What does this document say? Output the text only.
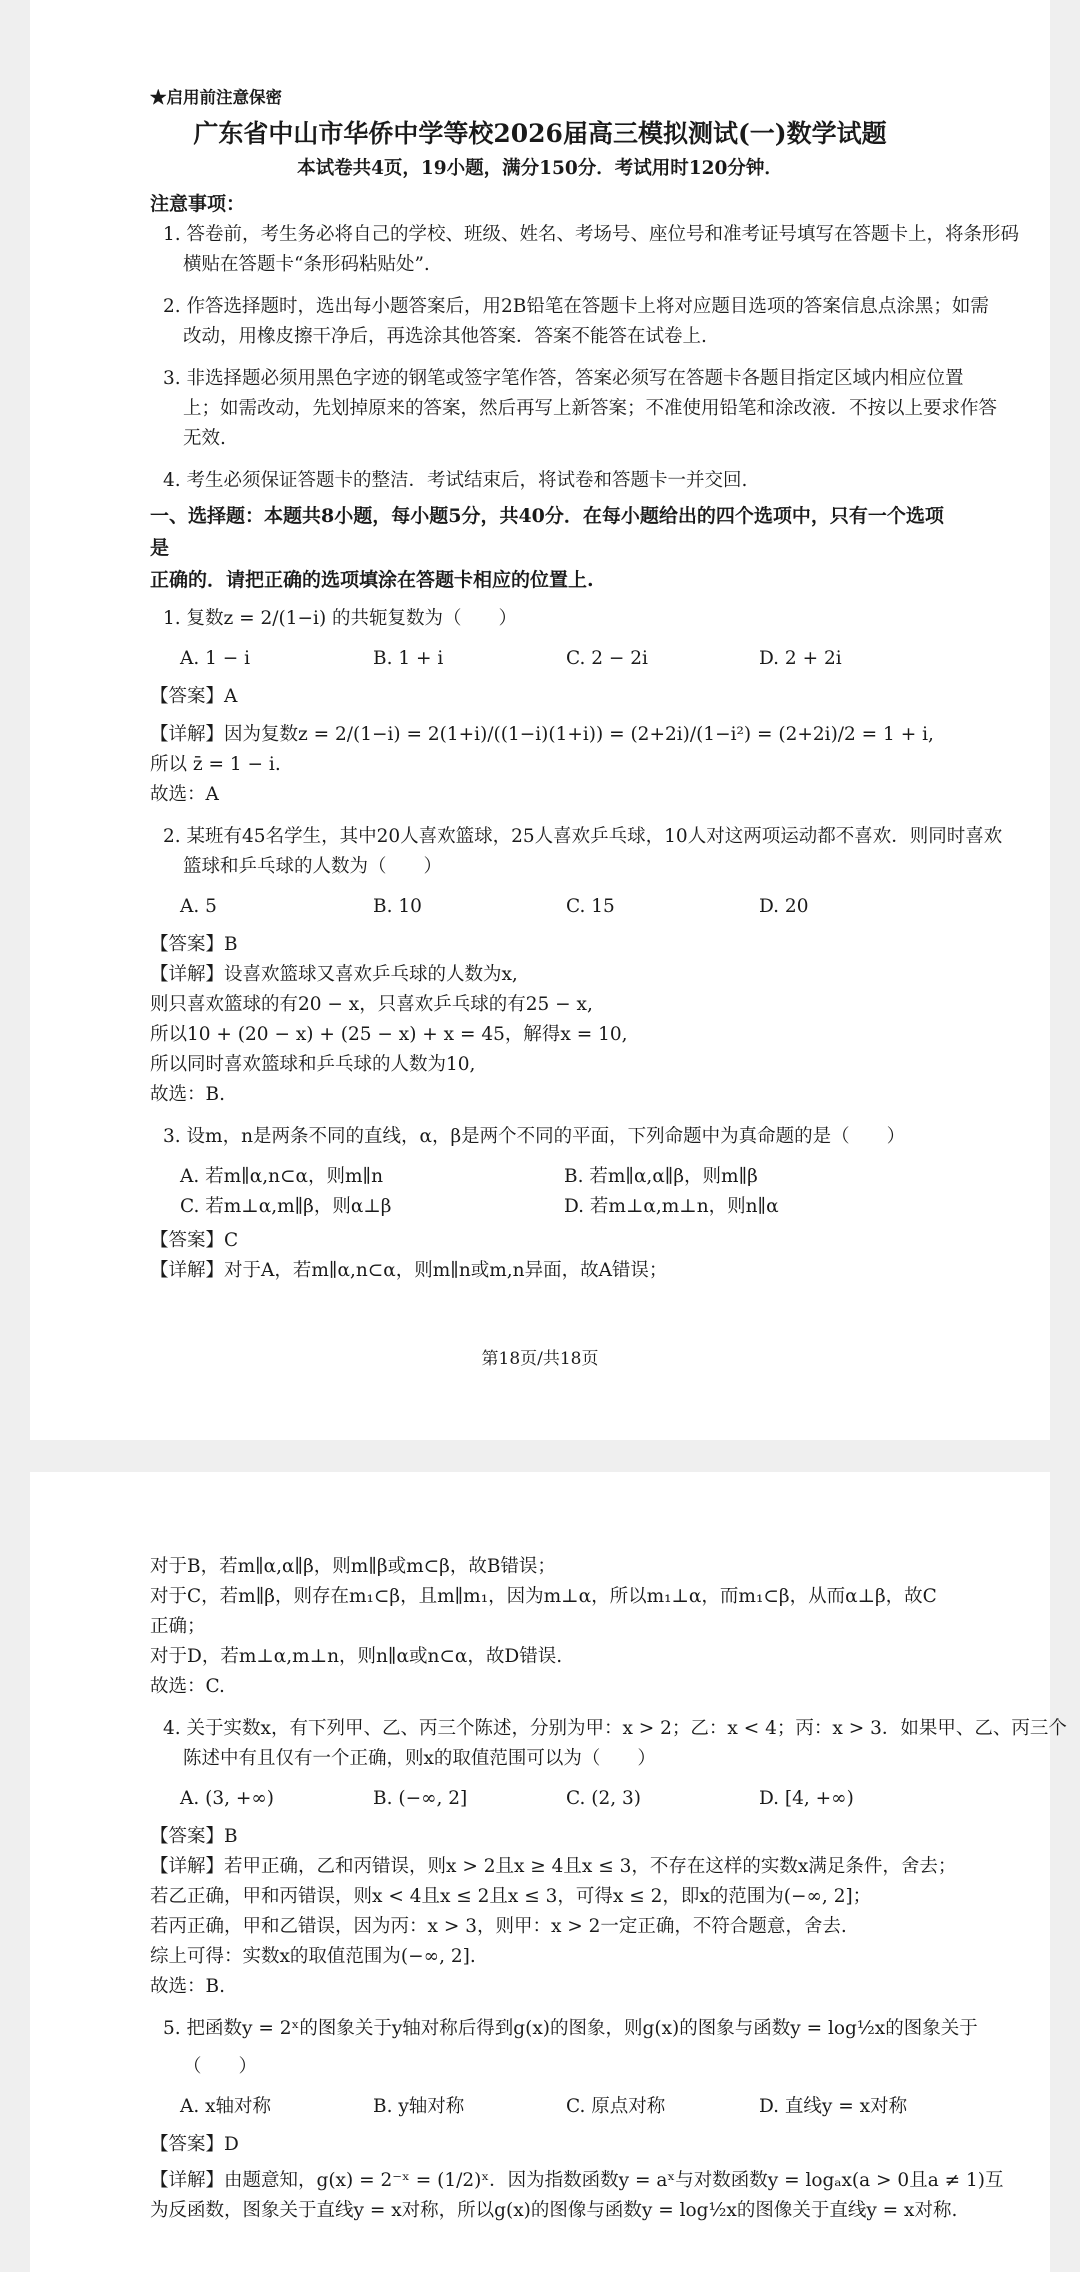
★启用前注意保密
广东省中山市华侨中学等校2026届高三模拟测试(一)数学试题
本试卷共4页，19小题，满分150分．考试用时120分钟．
注意事项：
1. 答卷前，考生务必将自己的学校、班级、姓名、考场号、座位号和准考证号填写在答题卡上，将条形码
横贴在答题卡“条形码粘贴处”.
2. 作答选择题时，选出每小题答案后，用2B铅笔在答题卡上将对应题目选项的答案信息点涂黑；如需
改动，用橡皮擦干净后，再选涂其他答案．答案不能答在试卷上.
3. 非选择题必须用黑色字迹的钢笔或签字笔作答，答案必须写在答题卡各题目指定区域内相应位置
上；如需改动，先划掉原来的答案，然后再写上新答案；不准使用铅笔和涂改液．不按以上要求作答
无效.
4. 考生必须保证答题卡的整洁．考试结束后，将试卷和答题卡一并交回.
一、选择题：本题共8小题，每小题5分，共40分．在每小题给出的四个选项中，只有一个选项是
正确的．请把正确的选项填涂在答题卡相应的位置上.
1. 复数z = 2/(1−i) 的共轭复数为（　　）
A. 1 − i	B. 1 + i	C. 2 − 2i	D. 2 + 2i
【答案】A
【详解】因为复数z = 2/(1−i) = 2(1+i)/((1−i)(1+i)) = (2+2i)/(1−i²) = (2+2i)/2 = 1 + i,
所以 z̄ = 1 − i.
故选：A
2. 某班有45名学生，其中20人喜欢篮球，25人喜欢乒乓球，10人对这两项运动都不喜欢．则同时喜欢
篮球和乒乓球的人数为（　　）
A. 5	B. 10	C. 15	D. 20
【答案】B
【详解】设喜欢篮球又喜欢乒乓球的人数为x,
则只喜欢篮球的有20 − x，只喜欢乒乓球的有25 − x,
所以10 + (20 − x) + (25 − x) + x = 45，解得x = 10,
所以同时喜欢篮球和乒乓球的人数为10,
故选：B.
3. 设m，n是两条不同的直线，α，β是两个不同的平面，下列命题中为真命题的是（　　）
A. 若m∥α,n⊂α，则m∥n	B. 若m∥α,α∥β，则m∥β
C. 若m⊥α,m∥β，则α⊥β	D. 若m⊥α,m⊥n，则n∥α
【答案】C
【详解】对于A，若m∥α,n⊂α，则m∥n或m,n异面，故A错误；
第18页/共18页
对于B，若m∥α,α∥β，则m∥β或m⊂β，故B错误；
对于C，若m∥β，则存在m₁⊂β，且m∥m₁，因为m⊥α，所以m₁⊥α，而m₁⊂β，从而α⊥β，故C
正确；
对于D，若m⊥α,m⊥n，则n∥α或n⊂α，故D错误.
故选：C.
4. 关于实数x，有下列甲、乙、丙三个陈述，分别为甲：x > 2；乙：x < 4；丙：x > 3．如果甲、乙、丙三个
陈述中有且仅有一个正确，则x的取值范围可以为（　　）
A. (3, +∞)	B. (−∞, 2]	C. (2, 3)	D. [4, +∞)
【答案】B
【详解】若甲正确，乙和丙错误，则x > 2且x ≥ 4且x ≤ 3，不存在这样的实数x满足条件，舍去；
若乙正确，甲和丙错误，则x < 4且x ≤ 2且x ≤ 3，可得x ≤ 2，即x的范围为(−∞, 2]；
若丙正确，甲和乙错误，因为丙：x > 3，则甲：x > 2一定正确，不符合题意，舍去.
综上可得：实数x的取值范围为(−∞, 2].
故选：B.
5. 把函数y = 2ˣ的图象关于y轴对称后得到g(x)的图象，则g(x)的图象与函数y = log½x的图象关于
（　　）
A. x轴对称	B. y轴对称	C. 原点对称	D. 直线y = x对称
【答案】D
【详解】由题意知，g(x) = 2⁻ˣ = (1/2)ˣ．因为指数函数y = aˣ与对数函数y = logₐx(a > 0且a ≠ 1)互
为反函数，图象关于直线y = x对称，所以g(x)的图像与函数y = log½x的图像关于直线y = x对称.
